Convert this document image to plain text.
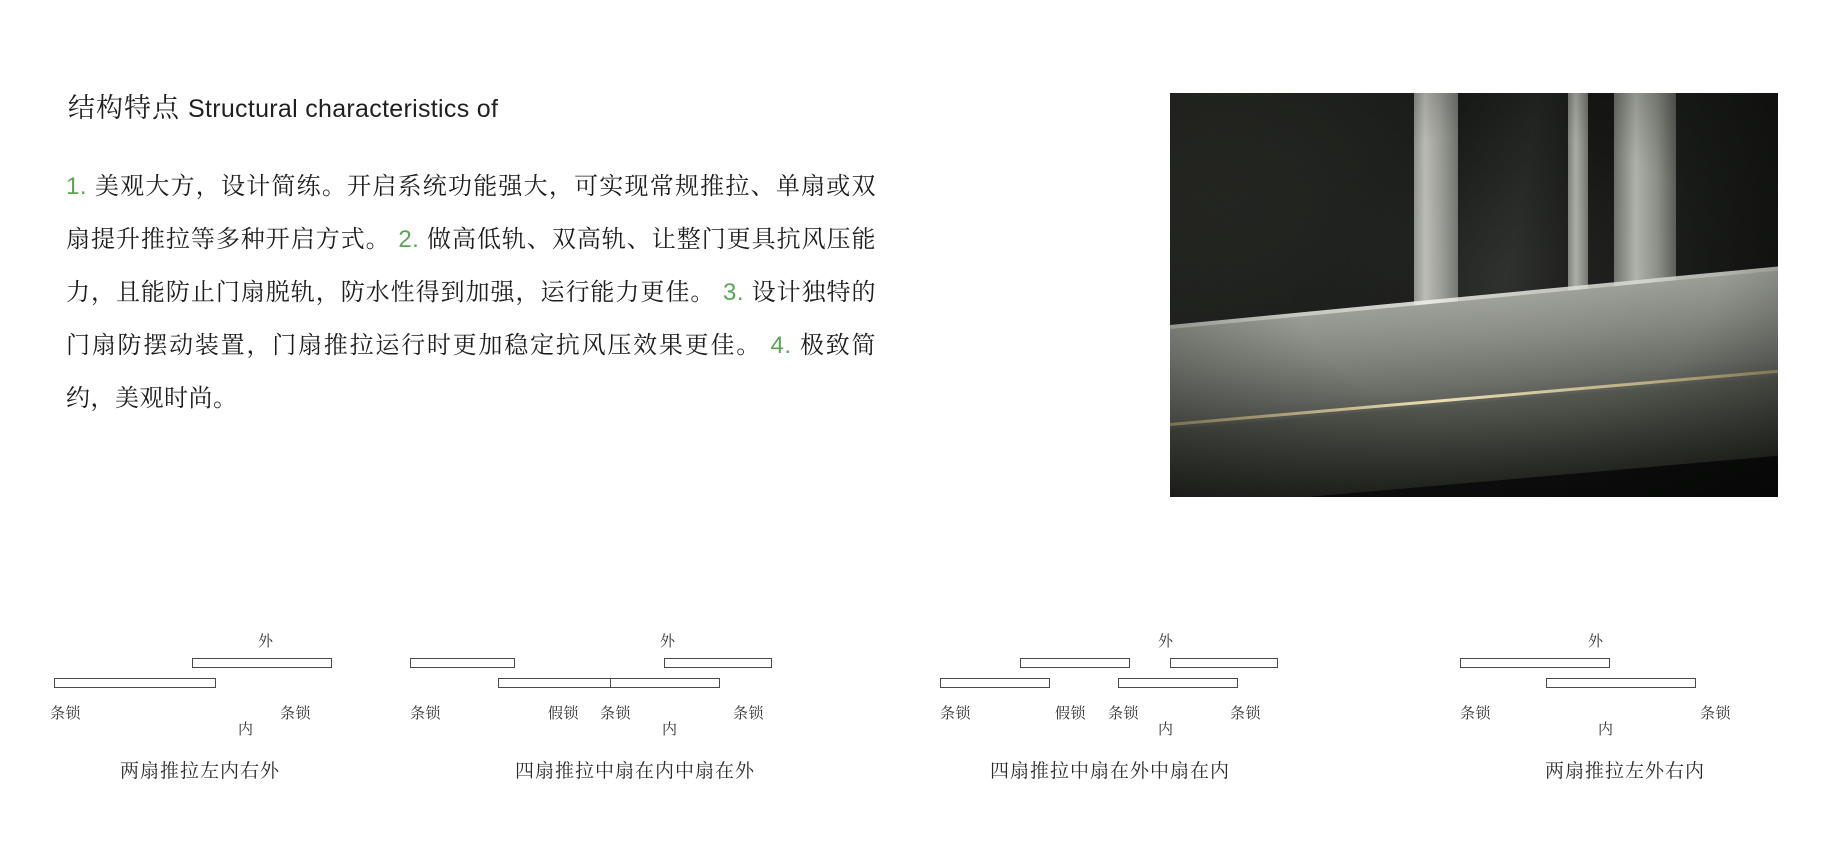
结构特点 Structural characteristics of
1. 美观大方，设计简练。开启系统功能强大，可实现常规推拉、单扇或双扇提升推拉等多种开启方式。 2. 做高低轨、双高轨、让整门更具抗风压能力，且能防止门扇脱轨，防水性得到加强，运行能力更佳。 3. 设计独特的门扇防摆动装置，门扇推拉运行时更加稳定抗风压效果更佳。 4. 极致简约，美观时尚。
条锁	条锁
外
内
两扇推拉左内右外
条锁	假锁 条锁	条锁
外
内
四扇推拉中扇在内中扇在外
条锁	假锁 条锁	条锁
外
内
四扇推拉中扇在外中扇在内
条锁	条锁
外
内
两扇推拉左外右内
